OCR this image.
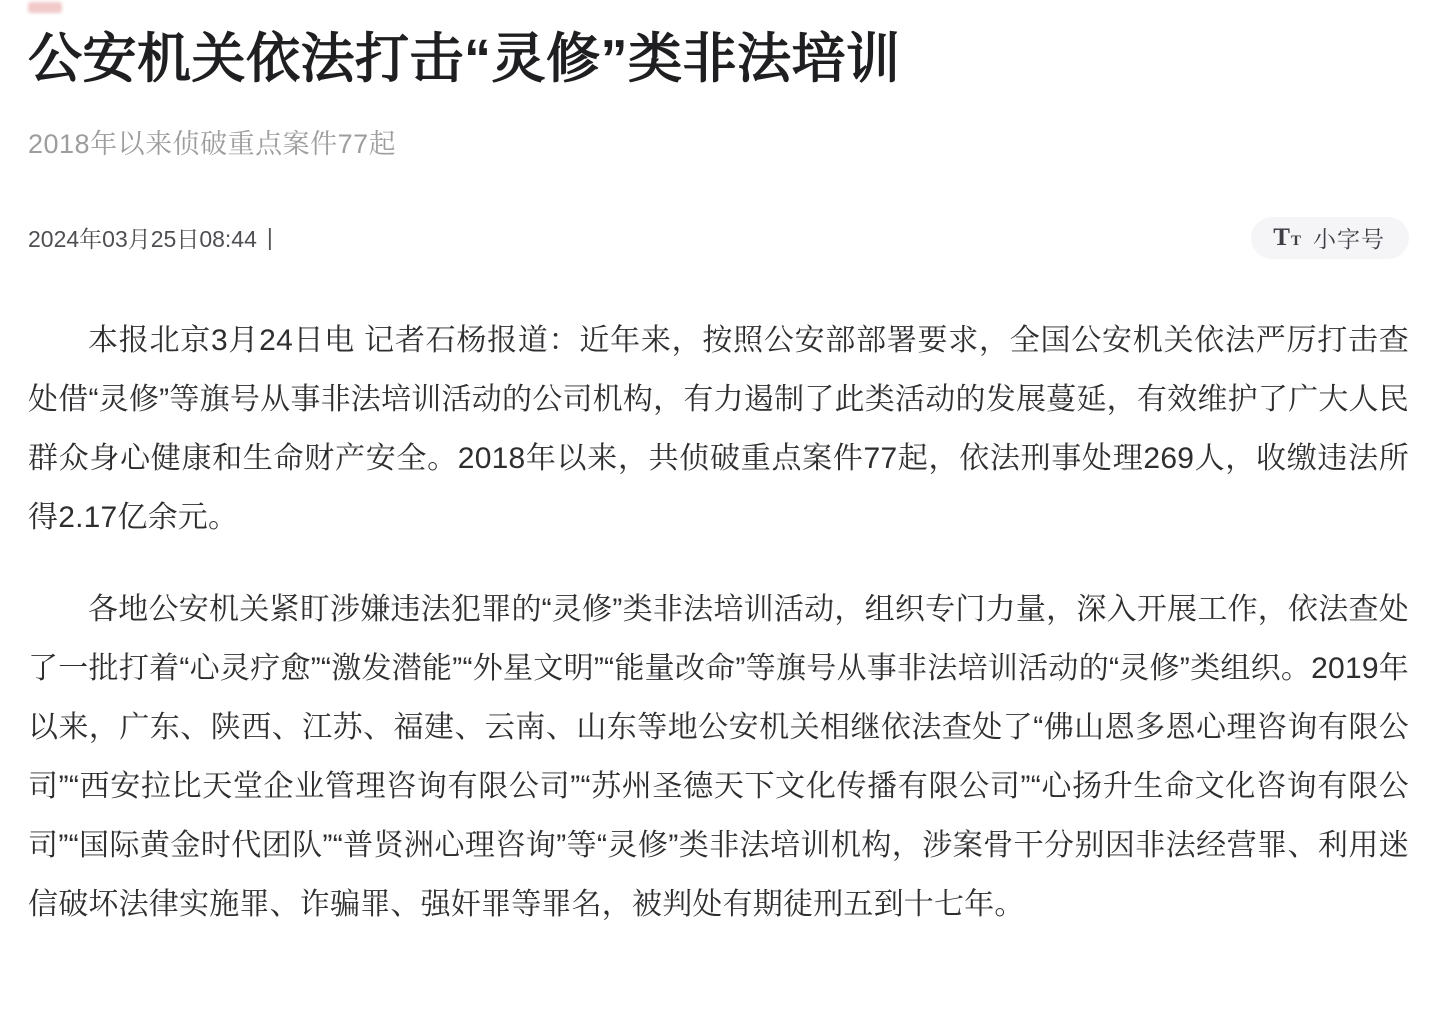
公安机关依法打击“灵修”类非法培训
2018年以来侦破重点案件77起
2024年03月25日08:44 |	T T 小字号

本报北京3月24日电 记者石杨报道：近年来，按照公安部部署要求，全国公安机关依法严厉打击查处借“灵修”等旗号从事非法培训活动的公司机构，有力遏制了此类活动的发展蔓延，有效维护了广大人民群众身心健康和生命财产安全。2018年以来，共侦破重点案件77起，依法刑事处理269人，收缴违法所得2.17亿余元。

各地公安机关紧盯涉嫌违法犯罪的“灵修”类非法培训活动，组织专门力量，深入开展工作，依法查处了一批打着“心灵疗愈”“激发潜能”“外星文明”“能量改命”等旗号从事非法培训活动的“灵修”类组织。2019年以来，广东、陕西、江苏、福建、云南、山东等地公安机关相继依法查处了“佛山恩多恩心理咨询有限公司”“西安拉比天堂企业管理咨询有限公司”“苏州圣德天下文化传播有限公司”“心扬升生命文化咨询有限公司”“国际黄金时代团队”“普贤洲心理咨询”等“灵修”类非法培训机构，涉案骨干分别因非法经营罪、利用迷信破坏法律实施罪、诈骗罪、强奸罪等罪名，被判处有期徒刑五到十七年。
